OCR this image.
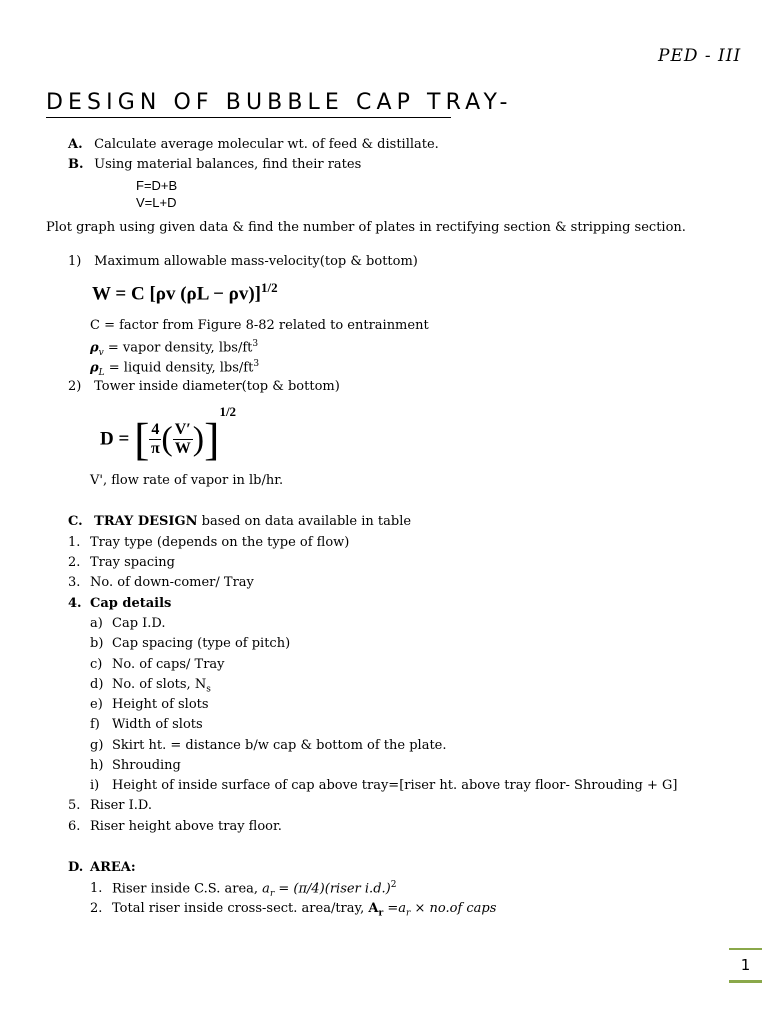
PED - III
DESIGN OF BUBBLE CAP TRAY-
A. Calculate average molecular wt. of feed & distillate.
B. Using material balances, find their rates
F=D+B
V=L+D
Plot graph using given data & find the number of plates in rectifying section & stripping section.
1) Maximum allowable mass-velocity(top & bottom)
W = C [ρv (ρL − ρv)]$^{1/2}$
C = factor from Figure 8-82 related to entrainment
$\rho_v$ = vapor density, lbs/$ft^3$
$\rho_L$ = liquid density, lbs/$ft^3$
2) Tower inside diameter(top & bottom)
D = [ $\frac{4}{\pi}$ ( $\frac{V'}{W} )]^{1/2}$
V', flow rate of vapor in lb/hr.
C. TRAY DESIGN based on data available in table
1. Tray type (depends on the type of flow)
2. Tray spacing
3. No. of down-comer/ Tray
4. Cap details
a) Cap I.D.
b) Cap spacing (type of pitch)
c) No. of caps/ Tray
d) No. of slots, $N_s$
e) Height of slots
f) Width of slots
g) Skirt ht. = distance b/w cap & bottom of the plate.
h) Shrouding
i) Height of inside surface of cap above tray=[riser ht. above tray floor- Shrouding + G]
5. Riser I.D.
6. Riser height above tray floor.
D. AREA:
1. Riser inside C.S. area, $a_r$ = (π/4)(riser i.d.)$^2$
2. Total riser inside cross-sect. area/tray, $A_r =a_r \times no.of$ caps
1
